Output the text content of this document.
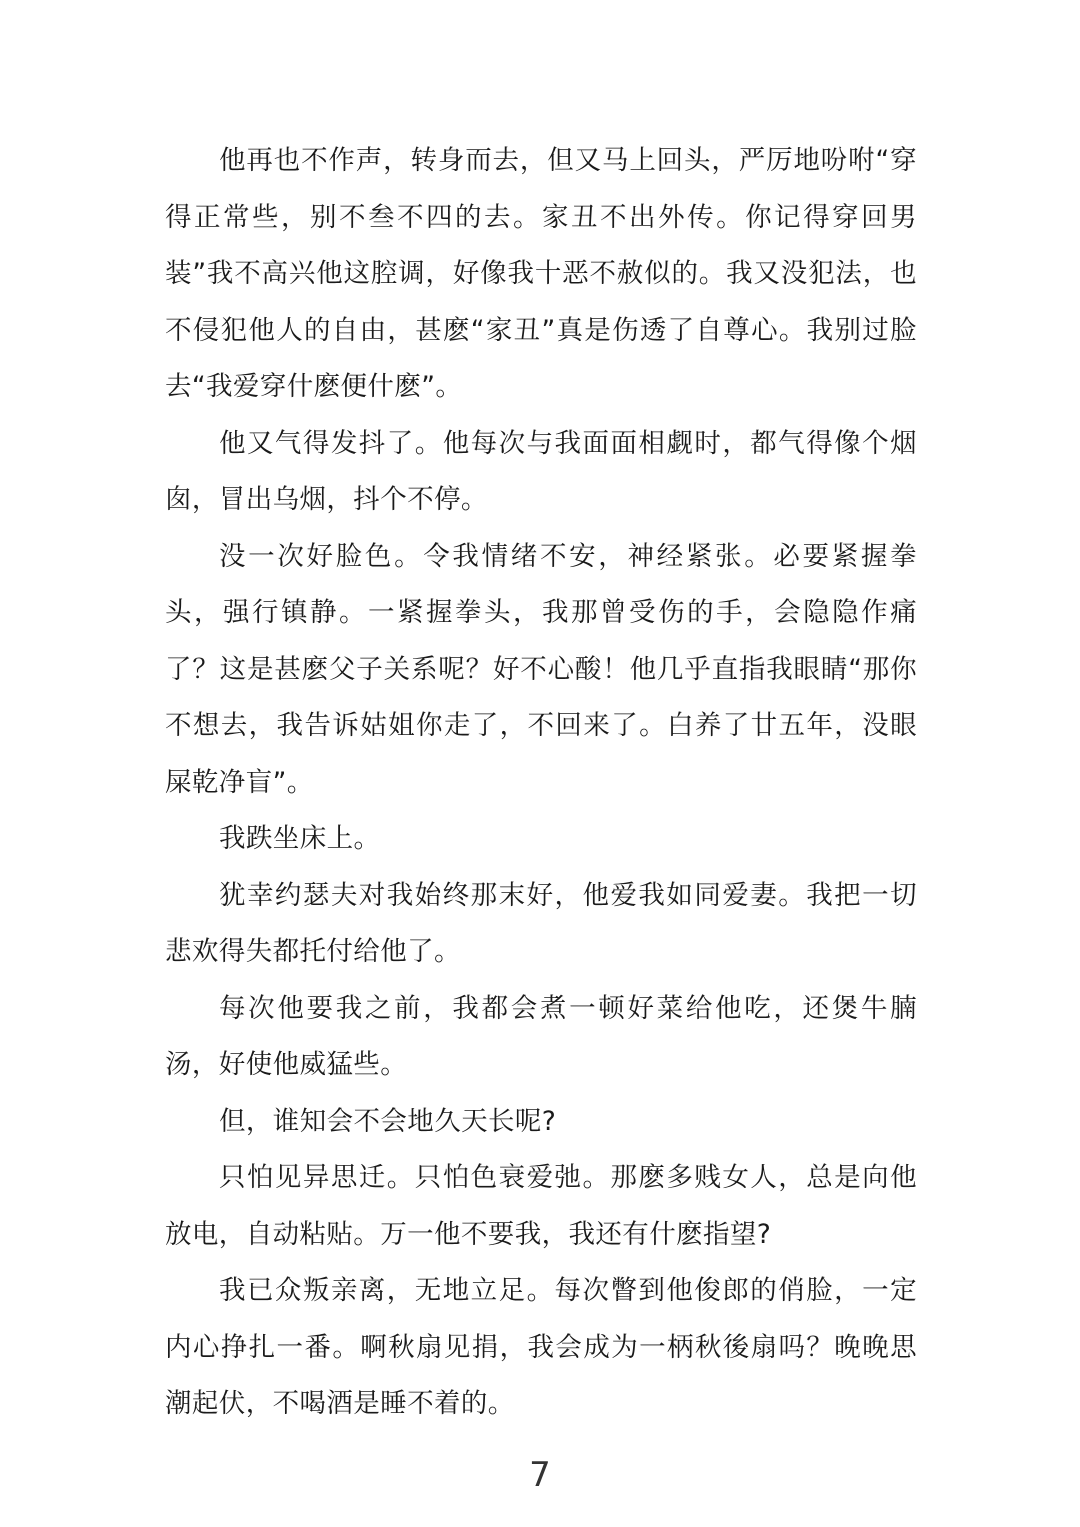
他再也不作声，转身而去，但又马上回头，严厉地吩咐“穿得正常些，别不叁不四的去。家丑不出外传。你记得穿回男装”我不高兴他这腔调，好像我十恶不赦似的。我又没犯法，也不侵犯他人的自由，甚麽“家丑”真是伤透了自尊心。我别过脸去“我爱穿什麽便什麽”。

他又气得发抖了。他每次与我面面相觑时，都气得像个烟囱，冒出乌烟，抖个不停。

没一次好脸色。令我情绪不安，神经紧张。必要紧握拳头，强行镇静。一紧握拳头，我那曾受伤的手，会隐隐作痛了？这是甚麽父子关系呢？好不心酸！他几乎直指我眼睛“那你不想去，我告诉姑姐你走了，不回来了。白养了廿五年，没眼屎乾净盲”。

我跌坐床上。

犹幸约瑟夫对我始终那末好，他爱我如同爱妻。我把一切悲欢得失都托付给他了。

每次他要我之前，我都会煮一顿好菜给他吃，还煲牛腩汤，好使他威猛些。

但，谁知会不会地久天长呢?

只怕见异思迁。只怕色衰爱弛。那麽多贱女人，总是向他放电，自动粘贴。万一他不要我，我还有什麽指望?

我已众叛亲离，无地立足。每次瞥到他俊郎的俏脸，一定内心挣扎一番。啊秋扇见捐，我会成为一柄秋後扇吗？晚晚思潮起伏，不喝酒是睡不着的。

7
